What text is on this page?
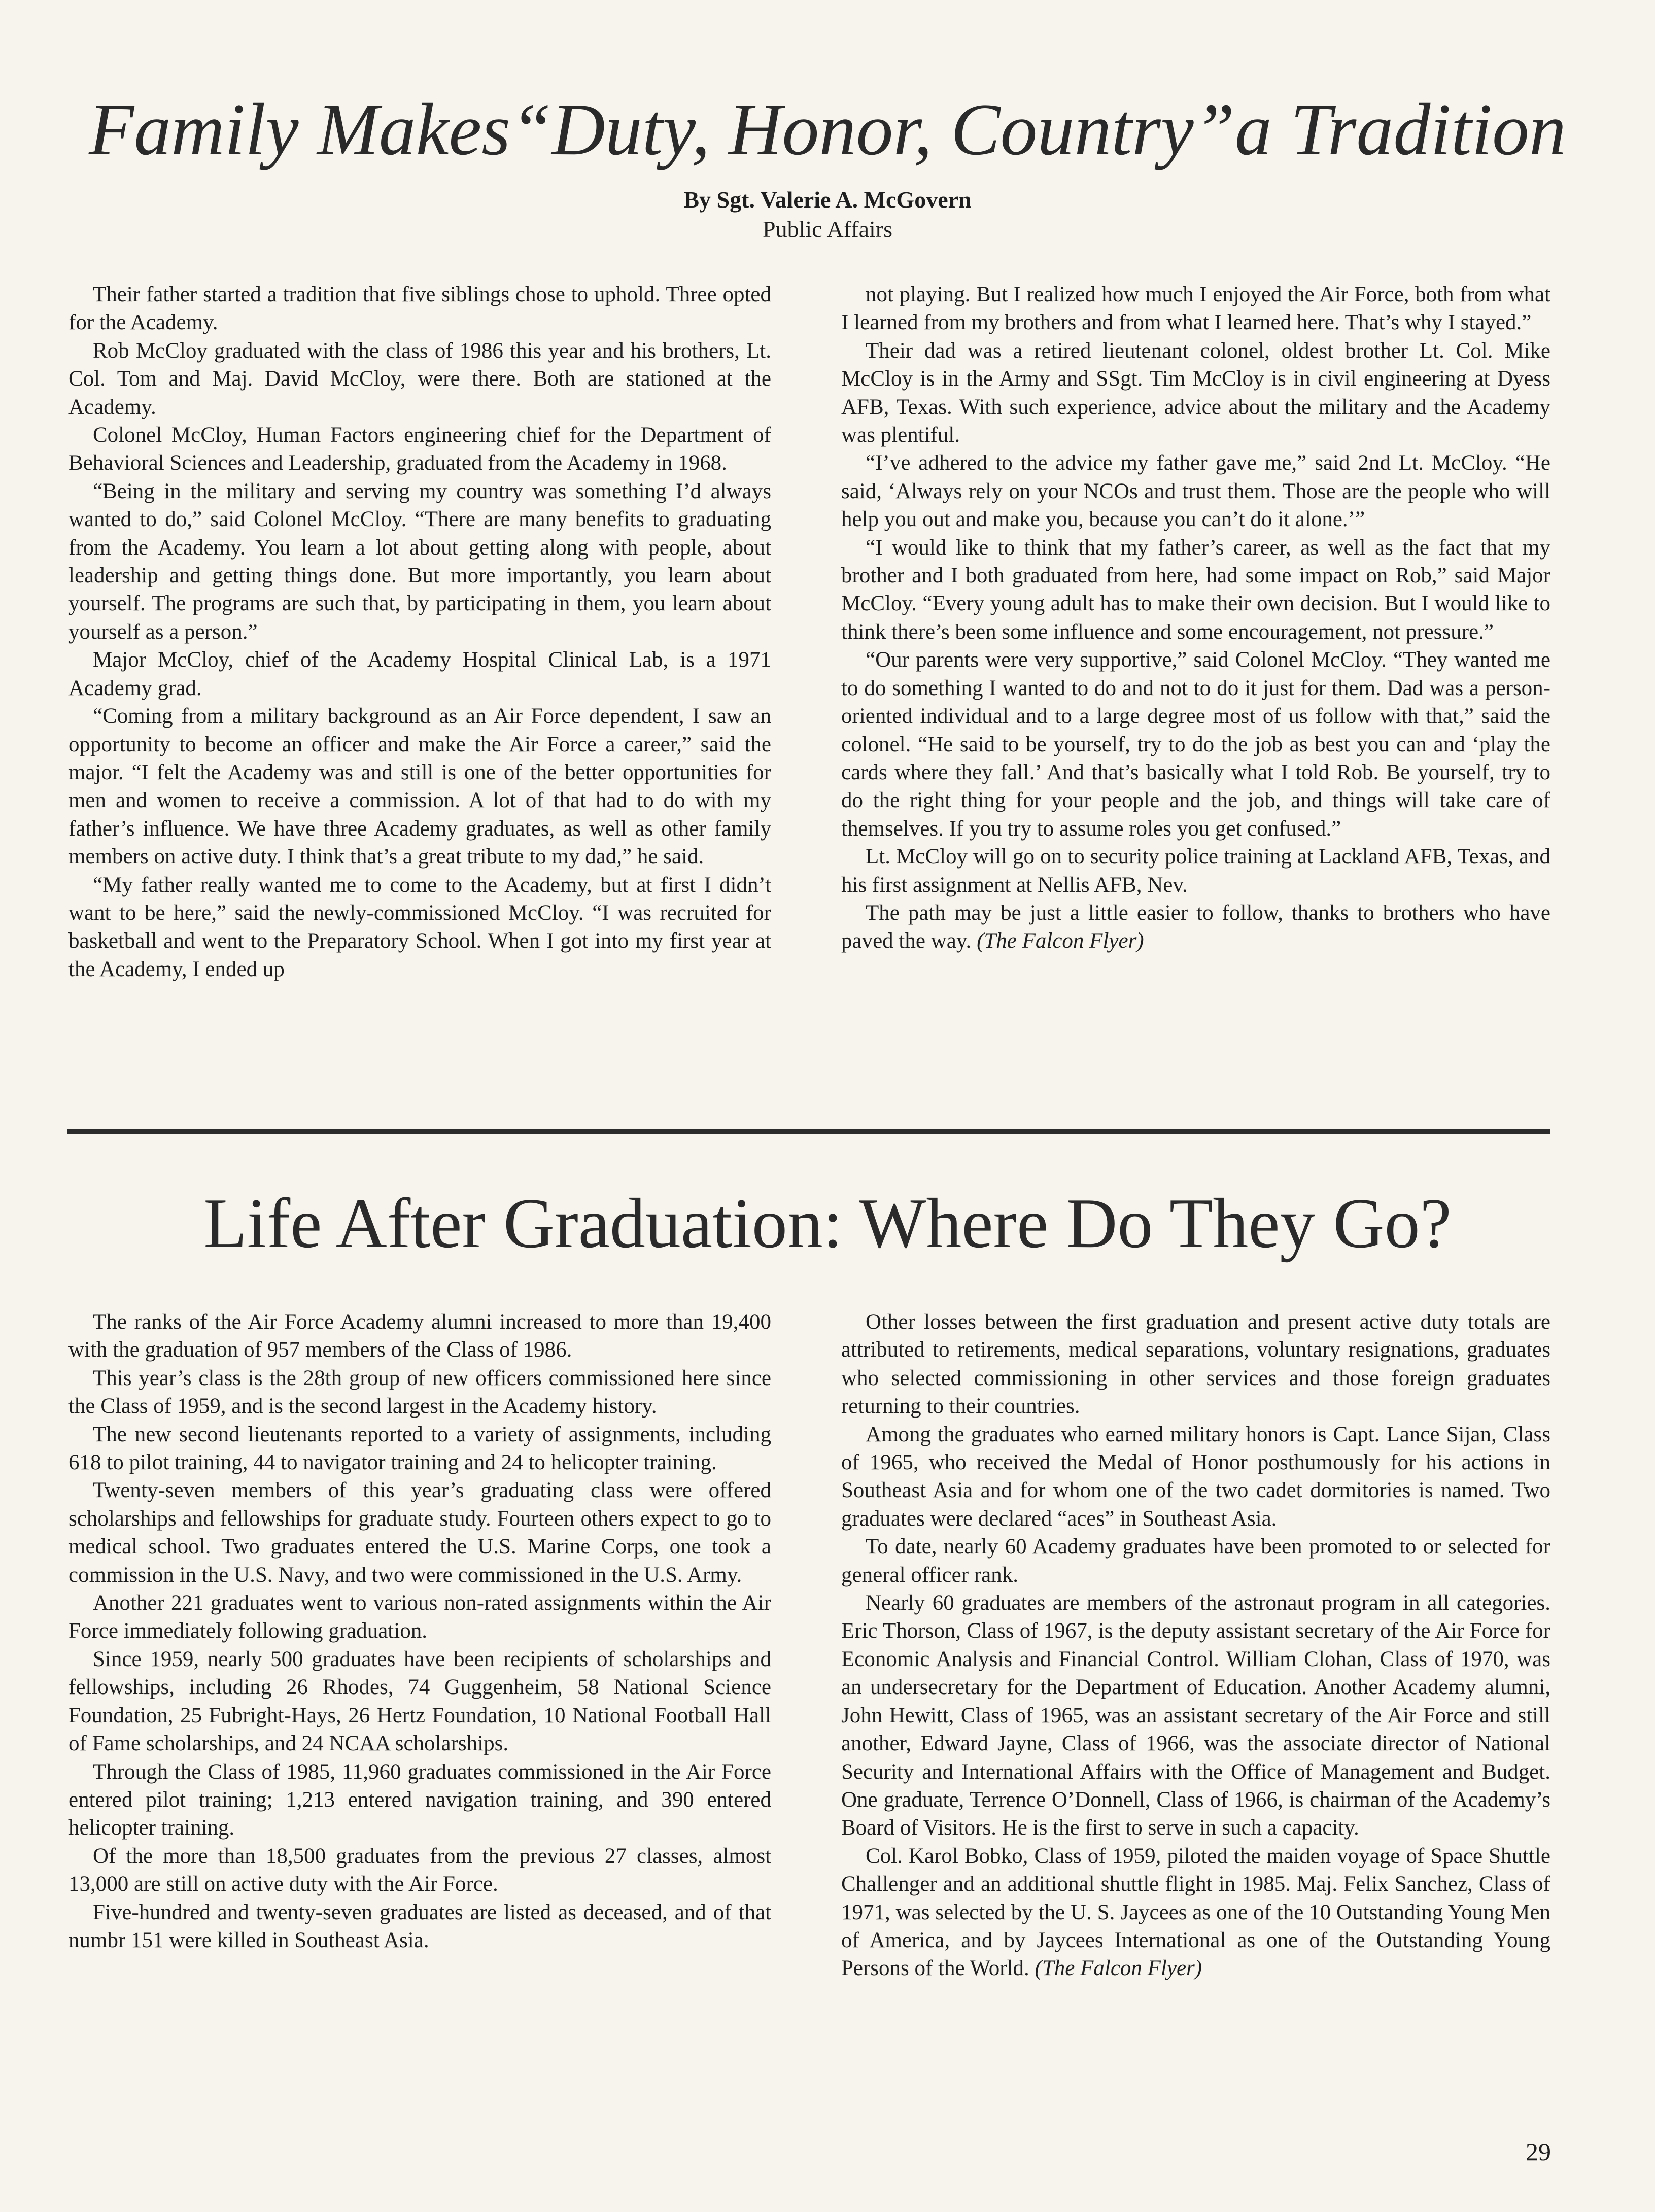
Family Makes“Duty, Honor, Country”a Tradition
By Sgt. Valerie A. McGovern
Public Affairs

Their father started a tradition that five siblings chose to uphold. Three opted for the Academy.

Rob McCloy graduated with the class of 1986 this year and his brothers, Lt. Col. Tom and Maj. David McCloy, were there. Both are stationed at the Academy.

Colonel McCloy, Human Factors engineering chief for the Department of Behavioral Sciences and Leadership, graduated from the Academy in 1968.

“Being in the military and serving my country was something I’d always wanted to do,” said Colonel McCloy. “There are many benefits to graduating from the Academy. You learn a lot about getting along with people, about leadership and getting things done. But more importantly, you learn about yourself. The programs are such that, by participating in them, you learn about yourself as a person.”

Major McCloy, chief of the Academy Hospital Clinical Lab, is a 1971 Academy grad.

“Coming from a military background as an Air Force dependent, I saw an opportunity to become an officer and make the Air Force a career,” said the major. “I felt the Academy was and still is one of the better opportunities for men and women to receive a commission. A lot of that had to do with my father’s influence. We have three Academy graduates, as well as other family members on active duty. I think that’s a great tribute to my dad,” he said.

“My father really wanted me to come to the Academy, but at first I didn’t want to be here,” said the newly-commissioned McCloy. “I was recruited for basketball and went to the Preparatory School. When I got into my first year at the Academy, I ended up

not playing. But I realized how much I enjoyed the Air Force, both from what I learned from my brothers and from what I learned here. That’s why I stayed.”

Their dad was a retired lieutenant colonel, oldest brother Lt. Col. Mike McCloy is in the Army and SSgt. Tim McCloy is in civil engineering at Dyess AFB, Texas. With such experience, advice about the military and the Academy was plentiful.

“I’ve adhered to the advice my father gave me,” said 2nd Lt. McCloy. “He said, ‘Always rely on your NCOs and trust them. Those are the people who will help you out and make you, because you can’t do it alone.’”

“I would like to think that my father’s career, as well as the fact that my brother and I both graduated from here, had some impact on Rob,” said Major McCloy. “Every young adult has to make their own decision. But I would like to think there’s been some influence and some encouragement, not pressure.”

“Our parents were very supportive,” said Colonel McCloy. “They wanted me to do something I wanted to do and not to do it just for them. Dad was a person-oriented individual and to a large degree most of us follow with that,” said the colonel. “He said to be yourself, try to do the job as best you can and ‘play the cards where they fall.’ And that’s basically what I told Rob. Be yourself, try to do the right thing for your people and the job, and things will take care of themselves. If you try to assume roles you get confused.”

Lt. McCloy will go on to security police training at Lackland AFB, Texas, and his first assignment at Nellis AFB, Nev.

The path may be just a little easier to follow, thanks to brothers who have paved the way. (The Falcon Flyer)

Life After Graduation: Where Do They Go?

The ranks of the Air Force Academy alumni increased to more than 19,400 with the graduation of 957 members of the Class of 1986.

This year’s class is the 28th group of new officers commissioned here since the Class of 1959, and is the second largest in the Academy history.

The new second lieutenants reported to a variety of assignments, including 618 to pilot training, 44 to navigator training and 24 to helicopter training.

Twenty-seven members of this year’s graduating class were offered scholarships and fellowships for graduate study. Fourteen others expect to go to medical school. Two graduates entered the U.S. Marine Corps, one took a commission in the U.S. Navy, and two were commissioned in the U.S. Army.

Another 221 graduates went to various non-rated assignments within the Air Force immediately following graduation.

Since 1959, nearly 500 graduates have been recipients of scholarships and fellowships, including 26 Rhodes, 74 Guggenheim, 58 National Science Foundation, 25 Fubright-Hays, 26 Hertz Foundation, 10 National Football Hall of Fame scholarships, and 24 NCAA scholarships.

Through the Class of 1985, 11,960 graduates commissioned in the Air Force entered pilot training; 1,213 entered navigation training, and 390 entered helicopter training.

Of the more than 18,500 graduates from the previous 27 classes, almost 13,000 are still on active duty with the Air Force.

Five-hundred and twenty-seven graduates are listed as deceased, and of that numbr 151 were killed in Southeast Asia.

Other losses between the first graduation and present active duty totals are attributed to retirements, medical separations, voluntary resignations, graduates who selected commissioning in other services and those foreign graduates returning to their countries.

Among the graduates who earned military honors is Capt. Lance Sijan, Class of 1965, who received the Medal of Honor posthumously for his actions in Southeast Asia and for whom one of the two cadet dormitories is named. Two graduates were declared “aces” in Southeast Asia.

To date, nearly 60 Academy graduates have been promoted to or selected for general officer rank.

Nearly 60 graduates are members of the astronaut program in all categories. Eric Thorson, Class of 1967, is the deputy assistant secretary of the Air Force for Economic Analysis and Financial Control. William Clohan, Class of 1970, was an undersecretary for the Department of Education. Another Academy alumni, John Hewitt, Class of 1965, was an assistant secretary of the Air Force and still another, Edward Jayne, Class of 1966, was the associate director of National Security and International Affairs with the Office of Management and Budget. One graduate, Terrence O’Donnell, Class of 1966, is chairman of the Academy’s Board of Visitors. He is the first to serve in such a capacity.

Col. Karol Bobko, Class of 1959, piloted the maiden voyage of Space Shuttle Challenger and an additional shuttle flight in 1985. Maj. Felix Sanchez, Class of 1971, was selected by the U. S. Jaycees as one of the 10 Outstanding Young Men of America, and by Jaycees International as one of the Outstanding Young Persons of the World. (The Falcon Flyer)

29
